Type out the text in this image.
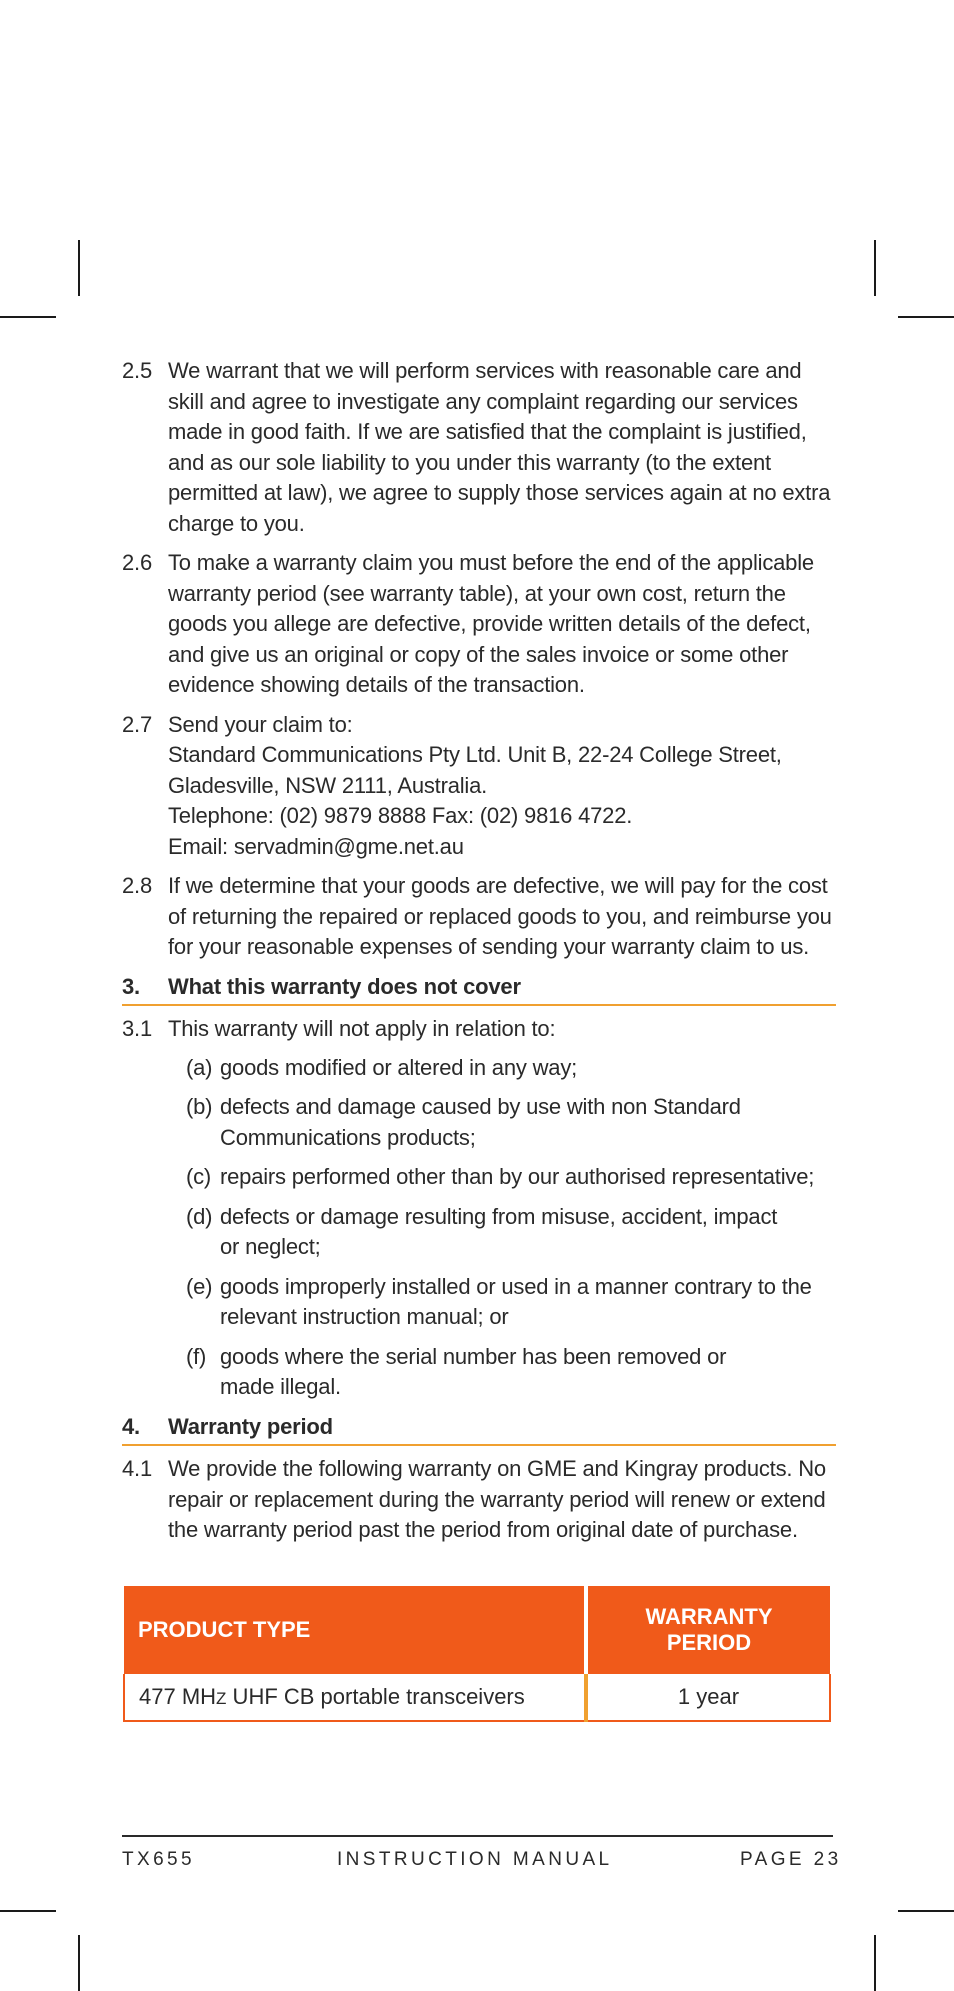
2.5 We warrant that we will perform services with reasonable care and
skill and agree to investigate any complaint regarding our services
made in good faith. If we are satisfied that the complaint is justified,
and as our sole liability to you under this warranty (to the extent
permitted at law), we agree to supply those services again at no extra
charge to you.
2.6 To make a warranty claim you must before the end of the applicable
warranty period (see warranty table), at your own cost, return the
goods you allege are defective, provide written details of the defect,
and give us an original or copy of the sales invoice or some other
evidence showing details of the transaction.
2.7 Send your claim to:
Standard Communications Pty Ltd. Unit B, 22-24 College Street,
Gladesville, NSW 2111, Australia.
Telephone: (02) 9879 8888 Fax: (02) 9816 4722.
Email: servadmin@gme.net.au
2.8 If we determine that your goods are defective, we will pay for the cost
of returning the repaired or replaced goods to you, and reimburse you
for your reasonable expenses of sending your warranty claim to us.
3.	What this warranty does not cover
3.1 This warranty will not apply in relation to:
(a) goods modified or altered in any way;
(b) defects and damage caused by use with non Standard
Communications products;
(c) repairs performed other than by our authorised representative;
(d) defects or damage resulting from misuse, accident, impact
or neglect;
(e) goods improperly installed or used in a manner contrary to the
relevant instruction manual; or
(f) goods where the serial number has been removed or
made illegal.
4.	Warranty period
4.1 We provide the following warranty on GME and Kingray products. No
repair or replacement during the warranty period will renew or extend
the warranty period past the period from original date of purchase.
PRODUCT TYPE	WARRANTY PERIOD
477 MHZ UHF CB portable transceivers	1 year
TX655	INSTRUCTION MANUAL	PAGE 23
